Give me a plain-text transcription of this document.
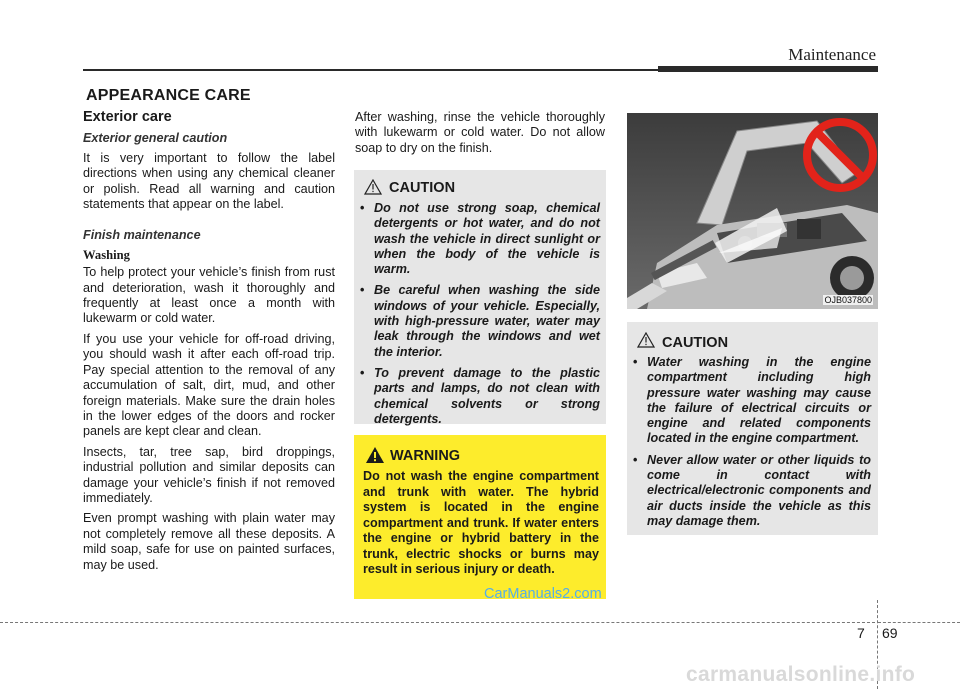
Maintenance
APPEARANCE CARE
Exterior care
Exterior general caution

It is very important to follow the label directions when using any chemical cleaner or polish. Read all warning and caution statements that appear on the label.

Finish maintenance
Washing

To help protect your vehicle’s finish from rust and deterioration, wash it thoroughly and frequently at least once a month with lukewarm or cold water.

If you use your vehicle for off-road driving, you should wash it after each off-road trip. Pay special attention to the removal of any accumulation of salt, dirt, mud, and other foreign materials. Make sure the drain holes in the lower edges of the doors and rocker panels are kept clear and clean.

Insects, tar, tree sap, bird droppings, industrial pollution and similar deposits can damage your vehicle’s finish if not removed immediately.

Even prompt washing with plain water may not completely remove all these deposits. A mild soap, safe for use on painted surfaces, may be used.

After washing, rinse the vehicle thoroughly with lukewarm or cold water. Do not allow soap to dry on the finish.

CAUTION
• Do not use strong soap, chemical detergents or hot water, and do not wash the vehicle in direct sunlight or when the body of the vehicle is warm.
• Be careful when washing the side windows of your vehicle. Especially, with high-pressure water, water may leak through the windows and wet the interior.
• To prevent damage to the plastic parts and lamps, do not clean with chemical solvents or strong detergents.
WARNING

Do not wash the engine compartment and trunk with water. The hybrid system is located in the engine compartment and trunk. If water enters the engine or hybrid battery in the trunk, electric shocks or burns may result in serious injury or death.

OJB037800
CAUTION
• Water washing in the engine compartment including high pressure water washing may cause the failure of electrical circuits or engine and related components located in the engine compartment.
• Never allow water or other liquids to come in contact with electrical/electronic components and air ducts inside the vehicle as this may damage them.
CarManuals2.com
7 69
carmanualsonline.info
